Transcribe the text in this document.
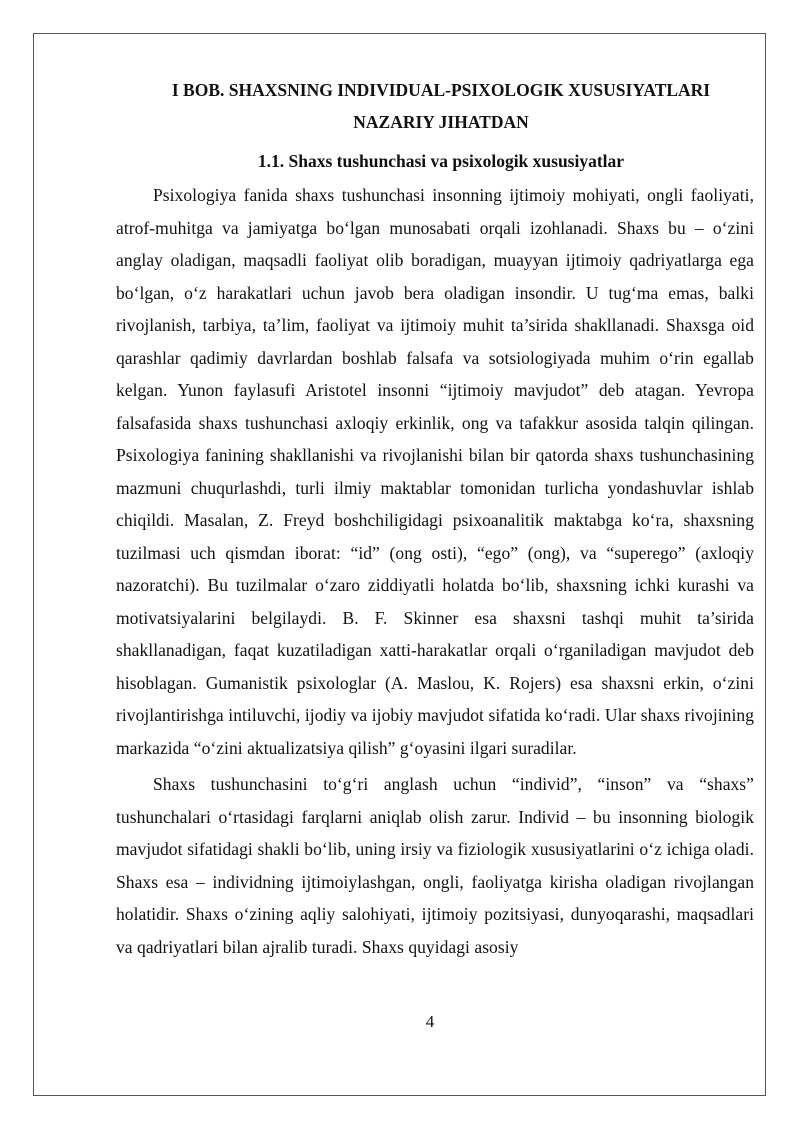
I BOB. SHAXSNING INDIVIDUAL-PSIXOLOGIK XUSUSIYATLARI
NAZARIY JIHATDAN
1.1. Shaxs tushunchasi va psixologik xususiyatlar

Psixologiya fanida shaxs tushunchasi insonning ijtimoiy mohiyati, ongli faoliyati, atrof-muhitga va jamiyatga bo‘lgan munosabati orqali izohlanadi. Shaxs bu – o‘zini anglay oladigan, maqsadli faoliyat olib boradigan, muayyan ijtimoiy qadriyatlarga ega bo‘lgan, o‘z harakatlari uchun javob bera oladigan insondir. U tug‘ma emas, balki rivojlanish, tarbiya, ta’lim, faoliyat va ijtimoiy muhit ta’sirida shakllanadi. Shaxsga oid qarashlar qadimiy davrlardan boshlab falsafa va sotsiologiyada muhim o‘rin egallab kelgan. Yunon faylasufi Aristotel insonni “ijtimoiy mavjudot” deb atagan. Yevropa falsafasida shaxs tushunchasi axloqiy erkinlik, ong va tafakkur asosida talqin qilingan. Psixologiya fanining shakllanishi va rivojlanishi bilan bir qatorda shaxs tushunchasining mazmuni chuqurlashdi, turli ilmiy maktablar tomonidan turlicha yondashuvlar ishlab chiqildi. Masalan, Z. Freyd boshchiligidagi psixoanalitik maktabga ko‘ra, shaxsning tuzilmasi uch qismdan iborat: “id” (ong osti), “ego” (ong), va “superego” (axloqiy nazoratchi). Bu tuzilmalar o‘zaro ziddiyatli holatda bo‘lib, shaxsning ichki kurashi va motivatsiyalarini belgilaydi. B. F. Skinner esa shaxsni tashqi muhit ta’sirida shakllanadigan, faqat kuzatiladigan xatti-harakatlar orqali o‘rganiladigan mavjudot deb hisoblagan. Gumanistik psixologlar (A. Maslou, K. Rojers) esa shaxsni erkin, o‘zini rivojlantirishga intiluvchi, ijodiy va ijobiy mavjudot sifatida ko‘radi. Ular shaxs rivojining markazida “o‘zini aktualizatsiya qilish” g‘oyasini ilgari suradilar.

Shaxs tushunchasini to‘g‘ri anglash uchun “individ”, “inson” va “shaxs” tushunchalari o‘rtasidagi farqlarni aniqlab olish zarur. Individ – bu insonning biologik mavjudot sifatidagi shakli bo‘lib, uning irsiy va fiziologik xususiyatlarini o‘z ichiga oladi. Shaxs esa – individning ijtimoiylashgan, ongli, faoliyatga kirisha oladigan rivojlangan holatidir. Shaxs o‘zining aqliy salohiyati, ijtimoiy pozitsiyasi, dunyoqarashi, maqsadlari va qadriyatlari bilan ajralib turadi. Shaxs quyidagi asosiy

4
